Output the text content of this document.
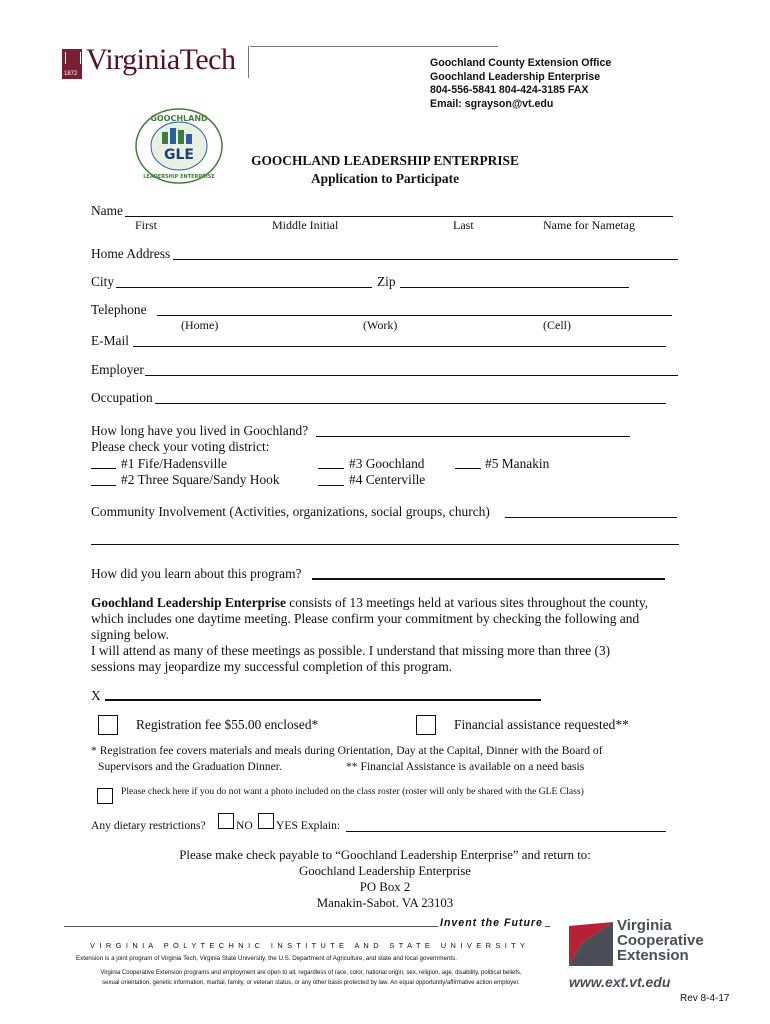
1872 VirginiaTech	Goochland County Extension Office
Goochland Leadership Enterprise
804-556-5841 804-424-3185 FAX
Email: sgrayson@vt.edu
GOOCHLAND
GLE
LEADERSHIP ENTERPRISE
GOOCHLAND LEADERSHIP ENTERPRISE
Application to Participate
Name
First	Middle Initial	Last	Name for Nametag
Home Address
City	Zip
Telephone
(Home)	(Work)	(Cell)
E-Mail
Employer
Occupation
How long have you lived in Goochland?
Please check your voting district:
#1 Fife/Hadensville	#3 Goochland	#5 Manakin
#2 Three Square/Sandy Hook	#4 Centerville
Community Involvement (Activities, organizations, social groups, church)
How did you learn about this program?
Goochland Leadership Enterprise consists of 13 meetings held at various sites throughout the county,
which includes one daytime meeting. Please confirm your commitment by checking the following and
signing below.
I will attend as many of these meetings as possible. I understand that missing more than three (3)
sessions may jeopardize my successful completion of this program.
X
Registration fee $55.00 enclosed*	Financial assistance requested**
* Registration fee covers materials and meals during Orientation, Day at the Capital, Dinner with the Board of
Supervisors and the Graduation Dinner.	** Financial Assistance is available on a need basis
Please check here if you do not want a photo included on the class roster (roster will only be shared with the GLE Class)
Any dietary restrictions?	NO YES Explain:
Please make check payable to “Goochland Leadership Enterprise” and return to:
Goochland Leadership Enterprise
PO Box 2
Manakin-Sabot. VA 23103
Invent the Future
V I R G I N I A   P O L Y T E C H N I C   I N S T I T U T E   A N D   S T A T E   U N I V E R S I T Y
Extension is a joint program of Virginia Tech, Virginia State University, the U.S. Department of Agriculture, and state and local governments.
Virginia Cooperative Extension programs and employment are open to all, regardless of race, color, national origin, sex, religion, age, disability, political beliefs,
sexual orientation, genetic information, marital, family, or veteran status, or any other basis protected by law. An equal opportunity/affirmative action employer.
Virginia
Cooperative
Extension
www.ext.vt.edu
Rev 8-4-17
